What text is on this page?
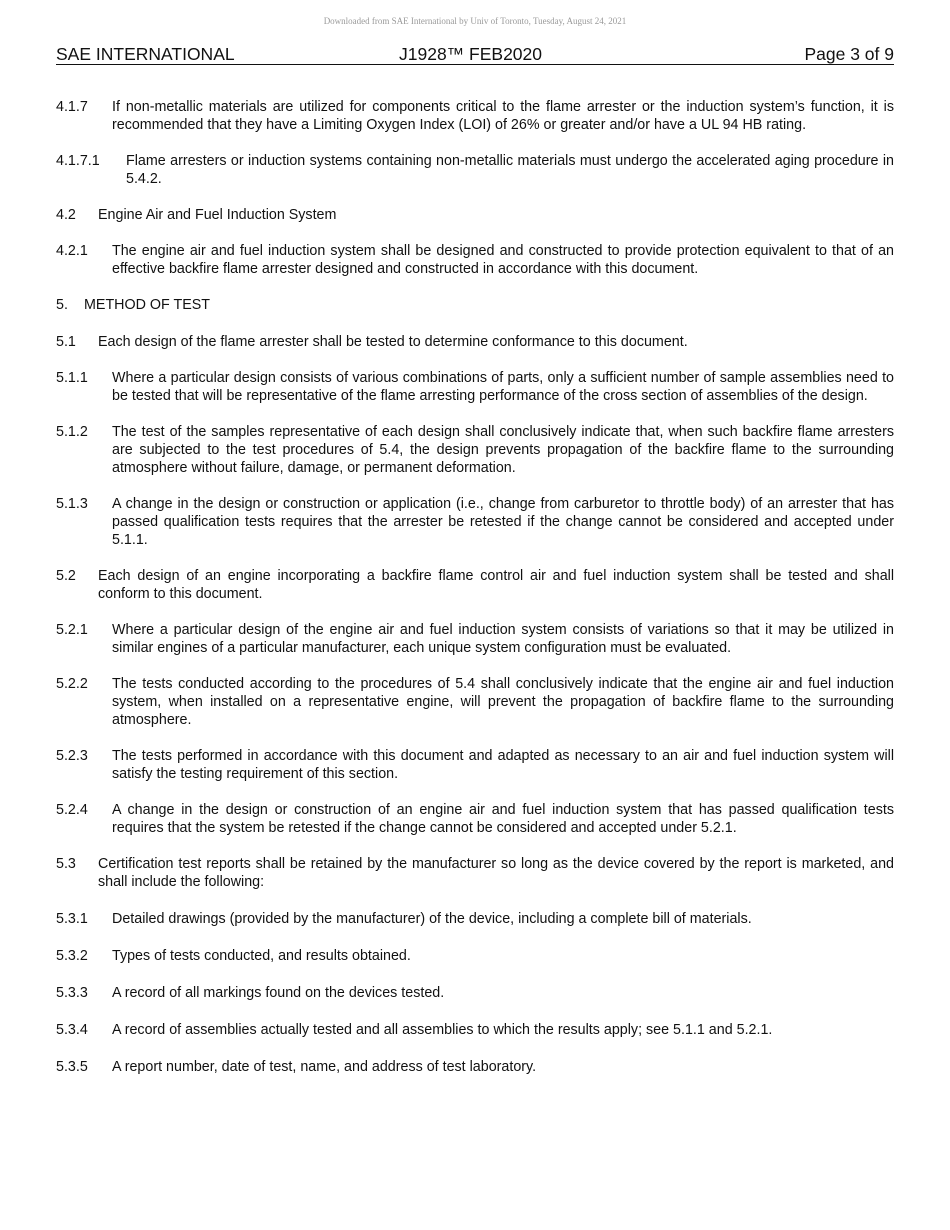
Downloaded from SAE International by Univ of Toronto, Tuesday, August 24, 2021
SAE INTERNATIONAL	J1928™ FEB2020	Page 3 of 9
4.1.7 If non-metallic materials are utilized for components critical to the flame arrester or the induction system’s function, it is recommended that they have a Limiting Oxygen Index (LOI) of 26% or greater and/or have a UL 94 HB rating.
4.1.7.1 Flame arresters or induction systems containing non-metallic materials must undergo the accelerated aging procedure in 5.4.2.
4.2 Engine Air and Fuel Induction System
4.2.1 The engine air and fuel induction system shall be designed and constructed to provide protection equivalent to that of an effective backfire flame arrester designed and constructed in accordance with this document.
5. METHOD OF TEST
5.1 Each design of the flame arrester shall be tested to determine conformance to this document.
5.1.1 Where a particular design consists of various combinations of parts, only a sufficient number of sample assemblies need to be tested that will be representative of the flame arresting performance of the cross section of assemblies of the design.
5.1.2 The test of the samples representative of each design shall conclusively indicate that, when such backfire flame arresters are subjected to the test procedures of 5.4, the design prevents propagation of the backfire flame to the surrounding atmosphere without failure, damage, or permanent deformation.
5.1.3 A change in the design or construction or application (i.e., change from carburetor to throttle body) of an arrester that has passed qualification tests requires that the arrester be retested if the change cannot be considered and accepted under 5.1.1.
5.2 Each design of an engine incorporating a backfire flame control air and fuel induction system shall be tested and shall conform to this document.
5.2.1 Where a particular design of the engine air and fuel induction system consists of variations so that it may be utilized in similar engines of a particular manufacturer, each unique system configuration must be evaluated.
5.2.2 The tests conducted according to the procedures of 5.4 shall conclusively indicate that the engine air and fuel induction system, when installed on a representative engine, will prevent the propagation of backfire flame to the surrounding atmosphere.
5.2.3 The tests performed in accordance with this document and adapted as necessary to an air and fuel induction system will satisfy the testing requirement of this section.
5.2.4 A change in the design or construction of an engine air and fuel induction system that has passed qualification tests requires that the system be retested if the change cannot be considered and accepted under 5.2.1.
5.3 Certification test reports shall be retained by the manufacturer so long as the device covered by the report is marketed, and shall include the following:
5.3.1 Detailed drawings (provided by the manufacturer) of the device, including a complete bill of materials.
5.3.2 Types of tests conducted, and results obtained.
5.3.3 A record of all markings found on the devices tested.
5.3.4 A record of assemblies actually tested and all assemblies to which the results apply; see 5.1.1 and 5.2.1.
5.3.5 A report number, date of test, name, and address of test laboratory.
